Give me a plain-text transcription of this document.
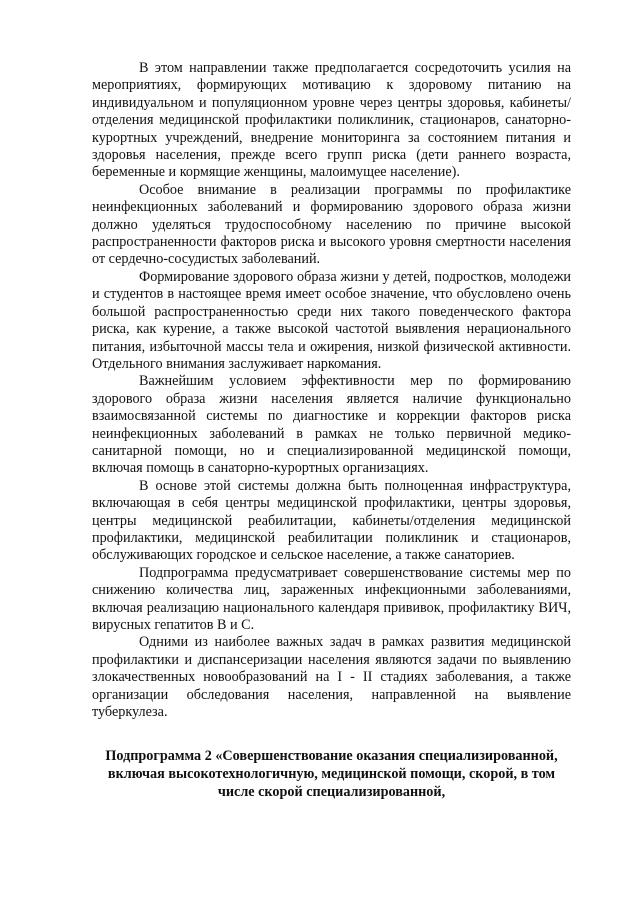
В этом направлении также предполагается сосредоточить усилия на мероприятиях, формирующих мотивацию к здоровому питанию на индивидуальном и популяционном уровне через центры здоровья, кабинеты/отделения медицинской профилактики поликлиник, стационаров, санаторно-курортных учреждений, внедрение мониторинга за состоянием питания и здоровья населения, прежде всего групп риска (дети раннего возраста, беременные и кормящие женщины, малоимущее население).

Особое внимание в реализации программы по профилактике неинфекционных заболеваний и формированию здорового образа жизни должно уделяться трудоспособному населению по причине высокой распространенности факторов риска и высокого уровня смертности населения от сердечно-сосудистых заболеваний.

Формирование здорового образа жизни у детей, подростков, молодежи и студентов в настоящее время имеет особое значение, что обусловлено очень большой распространенностью среди них такого поведенческого фактора риска, как курение, а также высокой частотой выявления нерационального питания, избыточной массы тела и ожирения, низкой физической активности. Отдельного внимания заслуживает наркомания.

Важнейшим условием эффективности мер по формированию здорового образа жизни населения является наличие функционально взаимосвязанной системы по диагностике и коррекции факторов риска неинфекционных заболеваний в рамках не только первичной медико-санитарной помощи, но и специализированной медицинской помощи, включая помощь в санаторно-курортных организациях.

В основе этой системы должна быть полноценная инфраструктура, включающая в себя центры медицинской профилактики, центры здоровья, центры медицинской реабилитации, кабинеты/отделения медицинской профилактики, медицинской реабилитации поликлиник и стационаров, обслуживающих городское и сельское население, а также санаториев.

Подпрограмма предусматривает совершенствование системы мер по снижению количества лиц, зараженных инфекционными заболеваниями, включая реализацию национального календаря прививок, профилактику ВИЧ, вирусных гепатитов В и С.

Одними из наиболее важных задач в рамках развития медицинской профилактики и диспансеризации населения являются задачи по выявлению злокачественных новообразований на I - II стадиях заболевания, а также организации обследования населения, направленной на выявление туберкулеза.

Подпрограмма 2 «Совершенствование оказания специализированной, включая высокотехнологичную, медицинской помощи, скорой, в том числе скорой специализированной,
